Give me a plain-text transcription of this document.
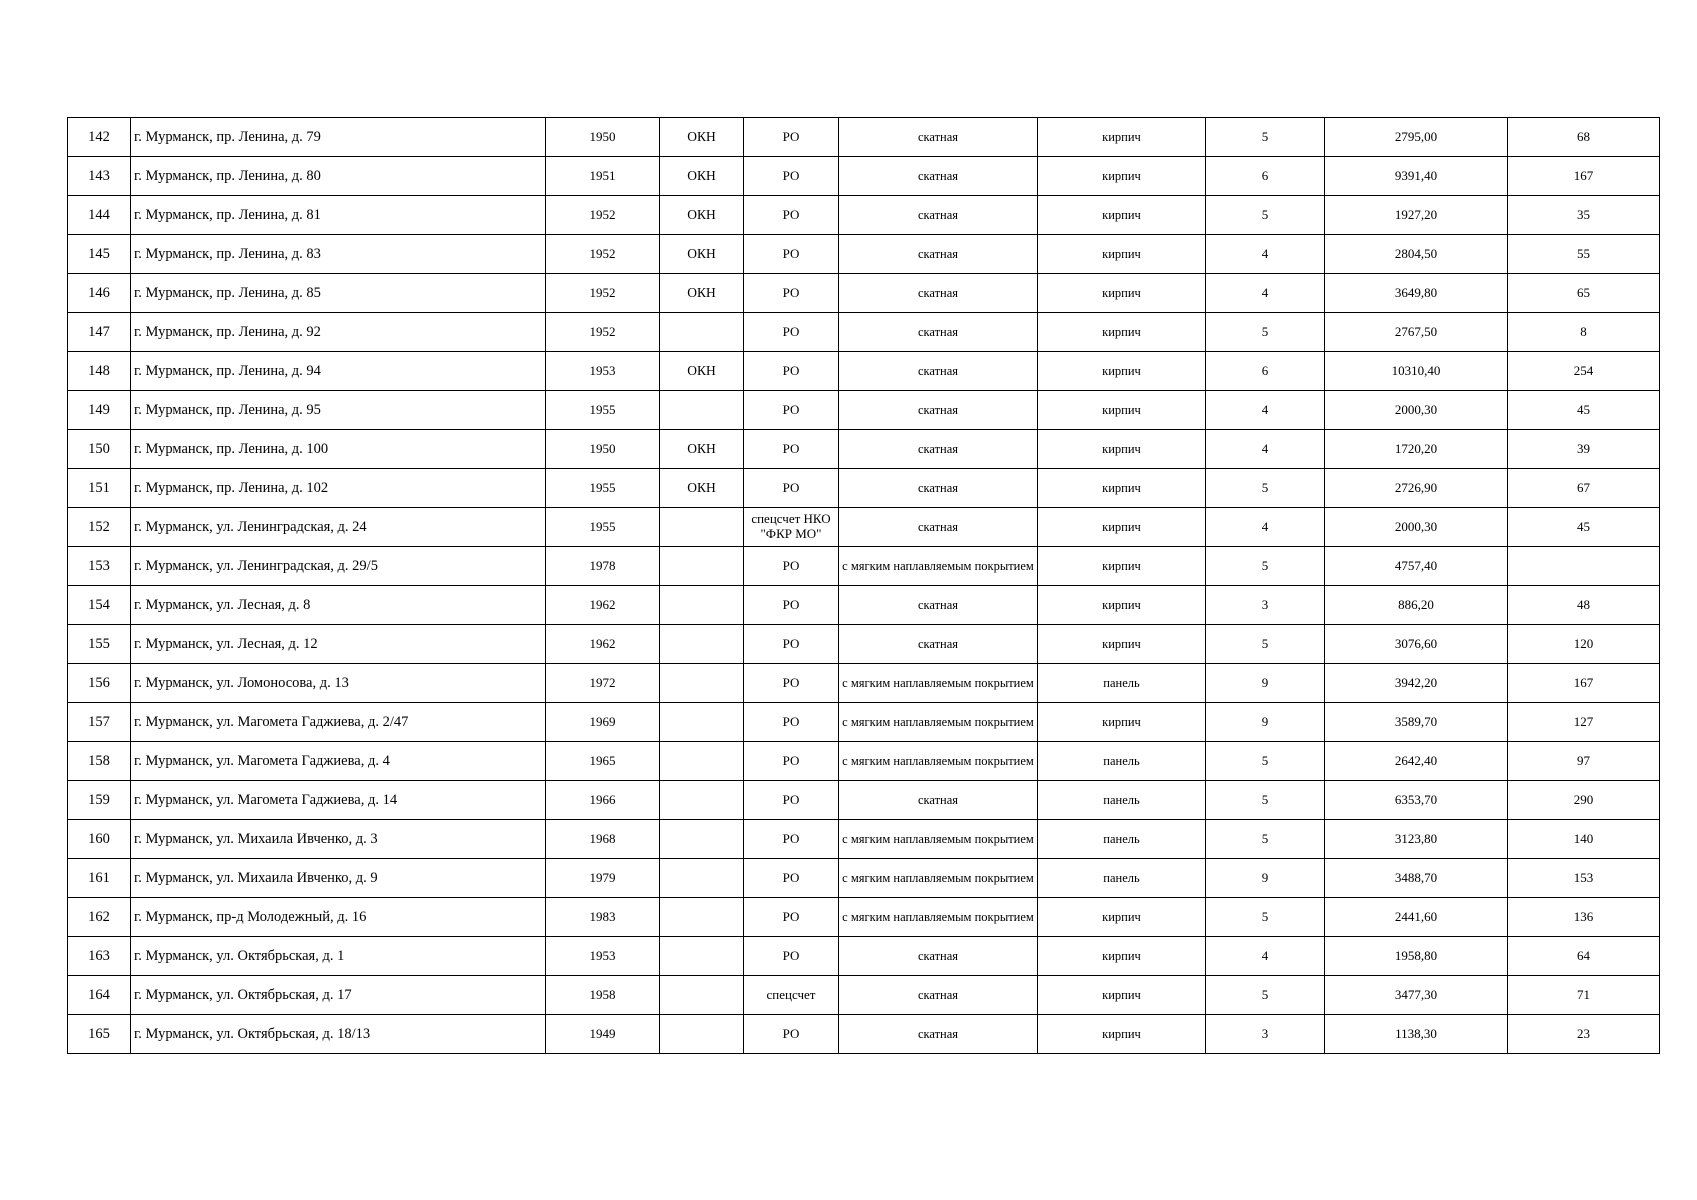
142	г. Мурманск, пр. Ленина, д. 79	1950	ОКН	РО	скатная	кирпич	5	2795,00	68
143	г. Мурманск, пр. Ленина, д. 80	1951	ОКН	РО	скатная	кирпич	6	9391,40	167
144	г. Мурманск, пр. Ленина, д. 81	1952	ОКН	РО	скатная	кирпич	5	1927,20	35
145	г. Мурманск, пр. Ленина, д. 83	1952	ОКН	РО	скатная	кирпич	4	2804,50	55
146	г. Мурманск, пр. Ленина, д. 85	1952	ОКН	РО	скатная	кирпич	4	3649,80	65
147	г. Мурманск, пр. Ленина, д. 92	1952		РО	скатная	кирпич	5	2767,50	8
148	г. Мурманск, пр. Ленина, д. 94	1953	ОКН	РО	скатная	кирпич	6	10310,40	254
149	г. Мурманск, пр. Ленина, д. 95	1955		РО	скатная	кирпич	4	2000,30	45
150	г. Мурманск, пр. Ленина, д. 100	1950	ОКН	РО	скатная	кирпич	4	1720,20	39
151	г. Мурманск, пр. Ленина, д. 102	1955	ОКН	РО	скатная	кирпич	5	2726,90	67
152	г. Мурманск, ул. Ленинградская, д. 24	1955		спецсчет НКО "ФКР МО"	скатная	кирпич	4	2000,30	45
153	г. Мурманск, ул. Ленинградская, д. 29/5	1978		РО	с мягким наплавляемым покрытием	кирпич	5	4757,40	
154	г. Мурманск, ул. Лесная, д. 8	1962		РО	скатная	кирпич	3	886,20	48
155	г. Мурманск, ул. Лесная, д. 12	1962		РО	скатная	кирпич	5	3076,60	120
156	г. Мурманск, ул. Ломоносова, д. 13	1972		РО	с мягким наплавляемым покрытием	панель	9	3942,20	167
157	г. Мурманск, ул. Магомета Гаджиева, д. 2/47	1969		РО	с мягким наплавляемым покрытием	кирпич	9	3589,70	127
158	г. Мурманск, ул. Магомета Гаджиева, д. 4	1965		РО	с мягким наплавляемым покрытием	панель	5	2642,40	97
159	г. Мурманск, ул. Магомета Гаджиева, д. 14	1966		РО	скатная	панель	5	6353,70	290
160	г. Мурманск, ул. Михаила Ивченко, д. 3	1968		РО	с мягким наплавляемым покрытием	панель	5	3123,80	140
161	г. Мурманск, ул. Михаила Ивченко, д. 9	1979		РО	с мягким наплавляемым покрытием	панель	9	3488,70	153
162	г. Мурманск, пр-д Молодежный, д. 16	1983		РО	с мягким наплавляемым покрытием	кирпич	5	2441,60	136
163	г. Мурманск, ул. Октябрьская, д. 1	1953		РО	скатная	кирпич	4	1958,80	64
164	г. Мурманск, ул. Октябрьская, д. 17	1958		спецсчет	скатная	кирпич	5	3477,30	71
165	г. Мурманск, ул. Октябрьская, д. 18/13	1949		РО	скатная	кирпич	3	1138,30	23
